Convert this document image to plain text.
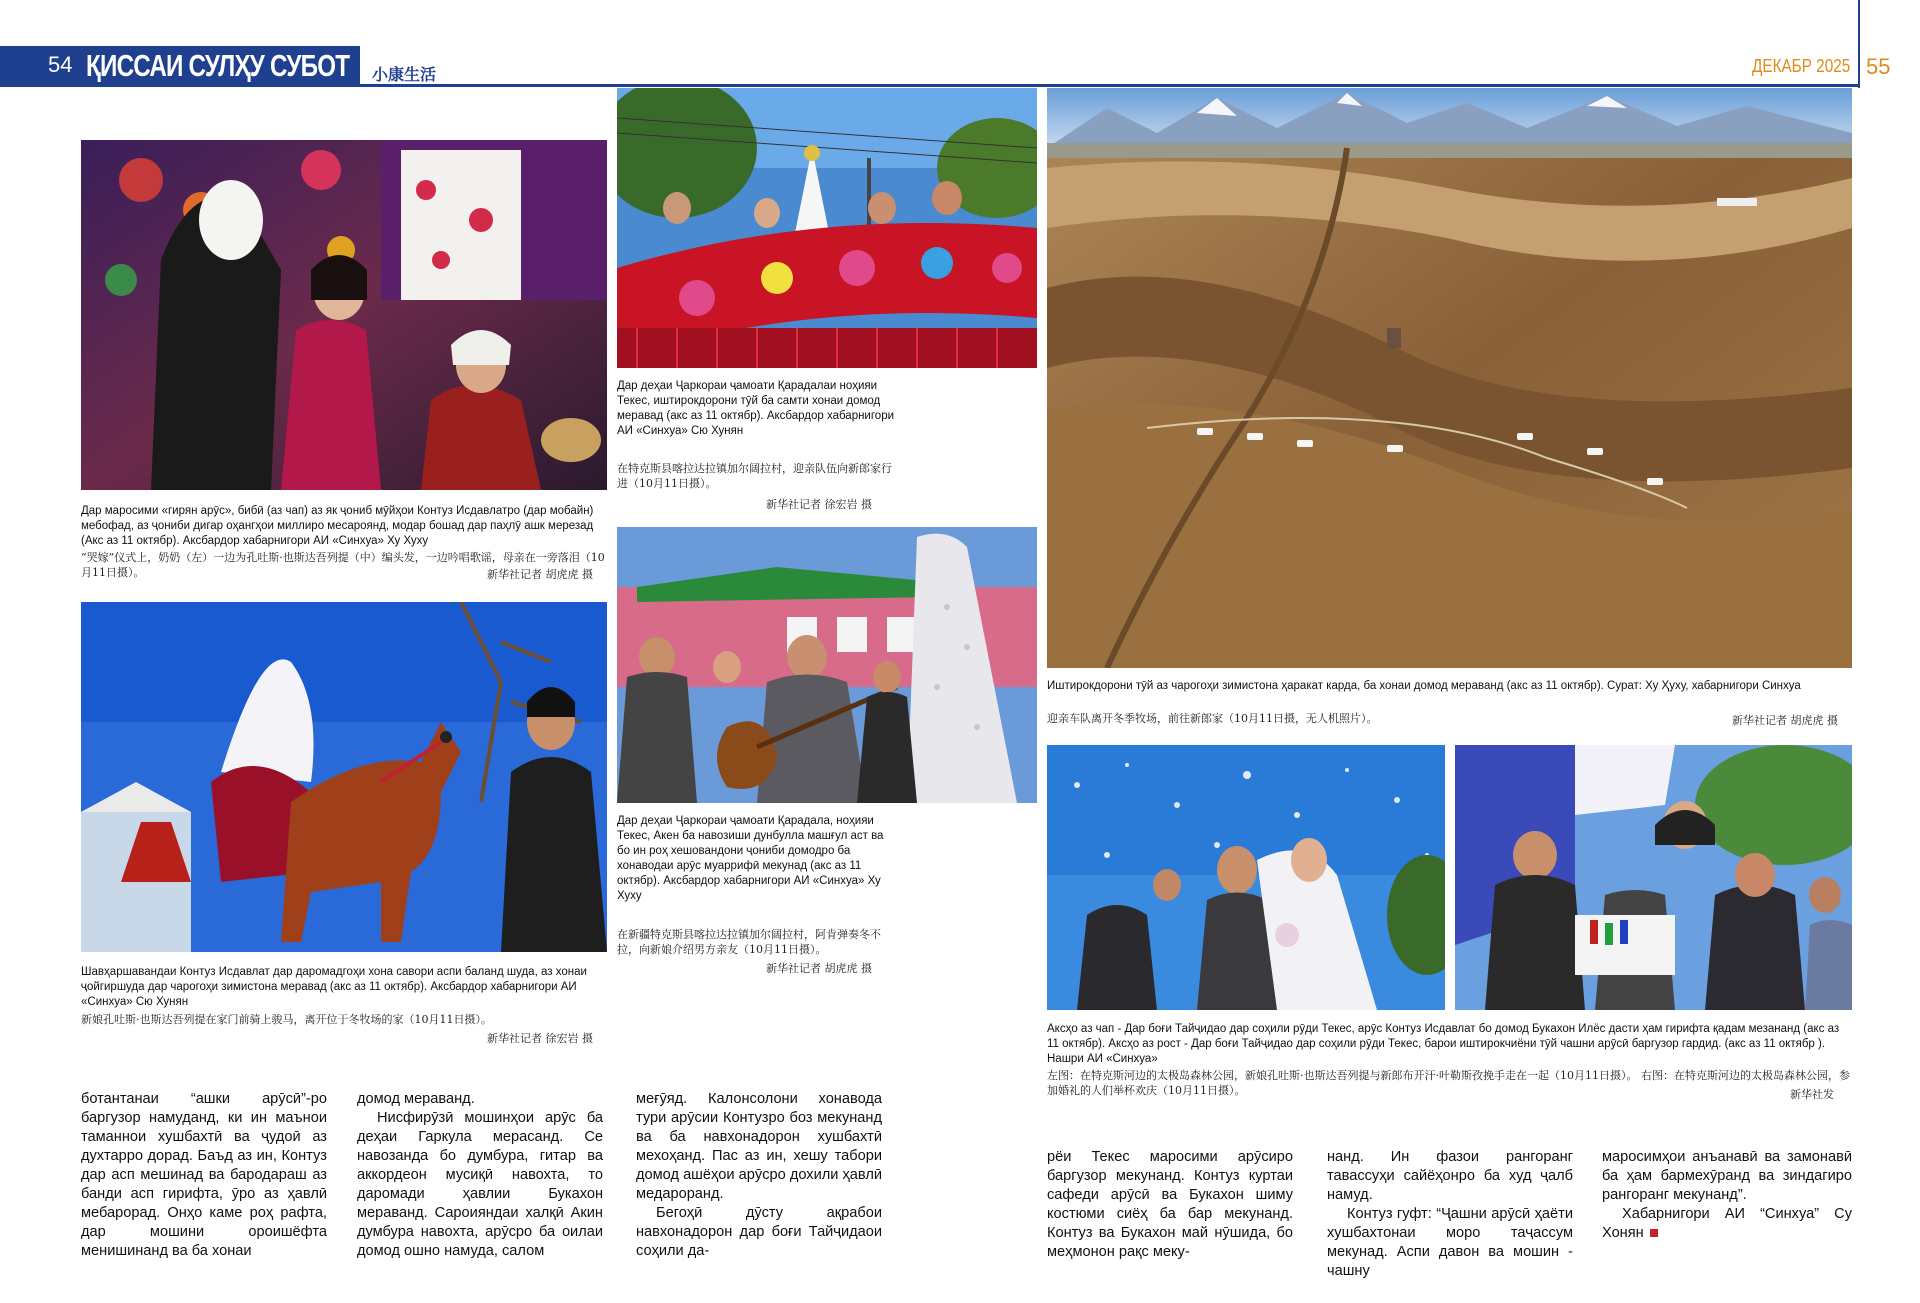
54 ҚИССАИ СУЛҲУ СУБОТ 小康生活	ДЕКАБР 2025 55
Дар маросими «гирян арӯс», бибӣ (аз чап) аз як ҷониб мӯйҳои Контуз Исдавлатро (дар мобайн) мебофад, аз ҷониби дигар оҳангҳои миллиро месароянд, модар бошад дар паҳлӯ ашк мерезад (Акс аз 11 октябр). Аксбардор хабарнигори АИ «Синхуа» Ху Хуху
“哭嫁”仪式上，奶奶（左）一边为孔吐斯·也斯达吾列提（中）编头发，一边吟唱歌谣，母亲在一旁落泪（10月11日摄）。	新华社记者 胡虎虎 摄
Дар деҳаи Ҷаркораи ҷамоати Қарадалаи ноҳияи Текес, иштирокдорони тӯй ба самти хонаи домод меравад (акс аз 11 октябр). Аксбардор хабарнигори АИ «Синхуа» Сю Хунян
在特克斯县喀拉达拉镇加尔阔拉村，迎亲队伍向新郎家行进（10月11日摄）。
新华社记者 徐宏岩 摄
Иштирокдорони тӯй аз чарогоҳи зимистона ҳаракат карда, ба хонаи домод мераванд (акс аз 11 октябр). Сурат: Ху Ҳуху, хабарнигори Синхуа
迎亲车队离开冬季牧场，前往新郎家（10月11日摄，无人机照片）。	新华社记者 胡虎虎 摄
Шавҳаршавандаи Контуз Исдавлат дар даромадгоҳи хона савори аспи баланд шуда, аз хонаи ҷойгиршуда дар чарогоҳи зимистона меравад (акс аз 11 октябр). Аксбардор хабарнигори АИ «Синхуа» Сю Хунян
新娘孔吐斯·也斯达吾列提在家门前骑上骏马，离开位于冬牧场的家（10月11日摄）。
新华社记者 徐宏岩 摄
Дар деҳаи Ҷаркораи ҷамоати Қарадала, ноҳияи Текес, Акен ба навозиши дунбулла машғул аст ва бо ин роҳ хешовандони ҷониби домодро ба хонаводаи арӯс муаррифӣ мекунад (акс аз 11 октябр). Аксбардор хабарнигори АИ «Синхуа» Ху Хуху
在新疆特克斯县喀拉达拉镇加尔阔拉村，阿肯弹奏冬不拉，向新娘介绍男方亲友（10月11日摄）。
新华社记者 胡虎虎 摄
Аксҳо аз чап - Дар боғи Тайҷидао дар соҳили рӯди Текес, арӯс Контуз Исдавлат бо домод Букахон Илёс дасти ҳам гирифта қадам мезананд (акс аз 11 октябр). Аксҳо аз рост - Дар боғи Тайҷидао дар соҳили рӯди Текес, барои иштирокчиёни тӯй чашни арӯсӣ баргузор гардид. (акс аз 11 октябр ). Нашри АИ «Синхуа»
左图：在特克斯河边的太极岛森林公园，新娘孔吐斯·也斯达吾列提与新郎布开汗·叶勒斯孜挽手走在一起（10月11日摄）。 右图：在特克斯河边的太极岛森林公园，参加婚礼的人们举杯欢庆（10月11日摄）。	新华社发

ботантанаи “ашки арӯсӣ”-ро баргузор намуданд, ки ин маънои таманнои хушбахтӣ ва ҷудоӣ аз духтарро дорад. Баъд аз ин, Контуз дар асп мешинад ва бародараш аз банди асп гирифта, ӯро аз ҳавлӣ мебарорад. Онҳо каме роҳ рафта, дар мошини ороишёфта менишинанд ва ба хонаи

домод мераванд.

Нисфирӯзӣ мошинҳои арӯс ба деҳаи Гаркула мерасанд. Се навозанда бо думбура, гитар ва аккордеон мусиқӣ навохта, то даромади ҳавлии Букахон мераванд. Сароияндаи халқӣ Акин думбура навохта, арӯсро ба оилаи домод ошно намуда, салом

меғӯяд. Калонсолони хонавода тури арӯсии Контузро боз мекунанд ва ба навхонадорон хушбахтӣ мехоҳанд. Пас аз ин, хешу табори домод ашёҳои арӯсро дохили ҳавлӣ медароранд.

Бегоҳӣ дӯсту ақрабои навхонадорон дар боғи Тайҷидаои соҳили да-

рёи Текес маросими арӯсиро баргузор мекунанд. Контуз куртаи сафеди арӯсӣ ва Букахон шиму костюми сиёҳ ба бар мекунанд. Контуз ва Букахон май нӯшида, бо меҳмонон рақс меку-

нанд. Ин фазои рангоранг тавассуҳи сайёҳонро ба худ ҷалб намуд.

Контуз гуфт: “Ҷашни арӯсӣ ҳаёти хушбахтонаи моро таҷассум мекунад. Аспи давон ва мошин - чашну

маросимҳои анъанавӣ ва замонавӣ ба ҳам бармехӯранд ва зиндагиро рангоранг мекунанд”.

Хабарнигори АИ “Синхуа” Су Хонян
